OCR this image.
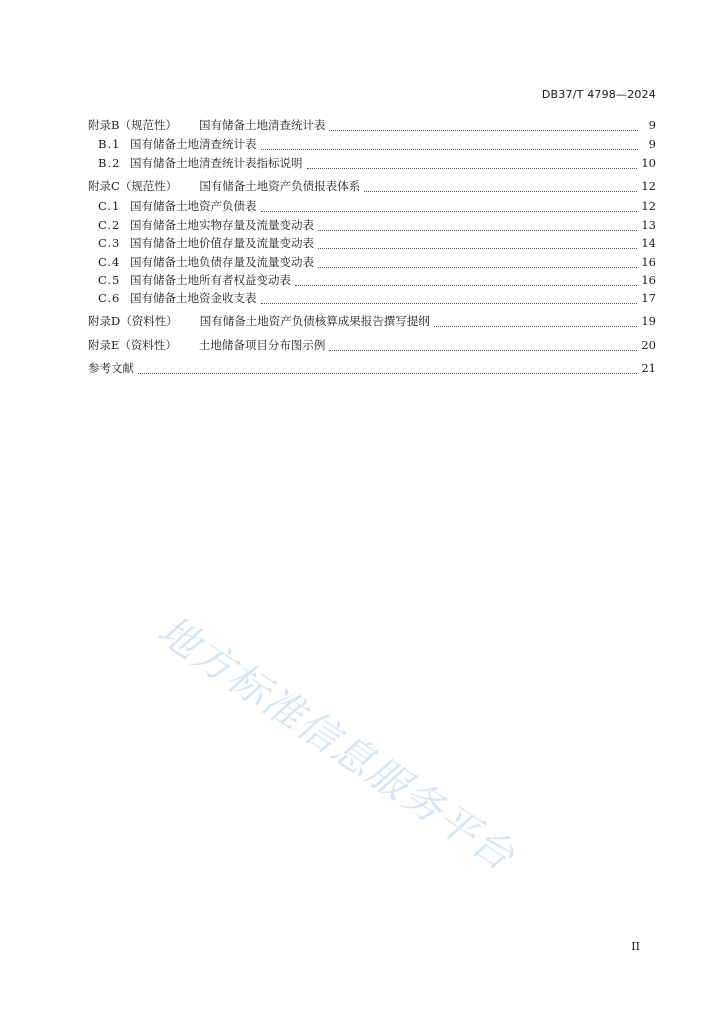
DB37/T 4798—2024
附录B（规范性） 国有储备土地清查统计表	9
B.1 国有储备土地清查统计表	9
B.2 国有储备土地清查统计表指标说明	10
附录C（规范性） 国有储备土地资产负债报表体系	12
C.1 国有储备土地资产负债表	12
C.2 国有储备土地实物存量及流量变动表	13
C.3 国有储备土地价值存量及流量变动表	14
C.4 国有储备土地负债存量及流量变动表	16
C.5 国有储备土地所有者权益变动表	16
C.6 国有储备土地资金收支表	17
附录D（资料性） 国有储备土地资产负债核算成果报告撰写提纲	19
附录E（资料性） 土地储备项目分布图示例	20
参考文献	21
地方标准信息服务平台
II
